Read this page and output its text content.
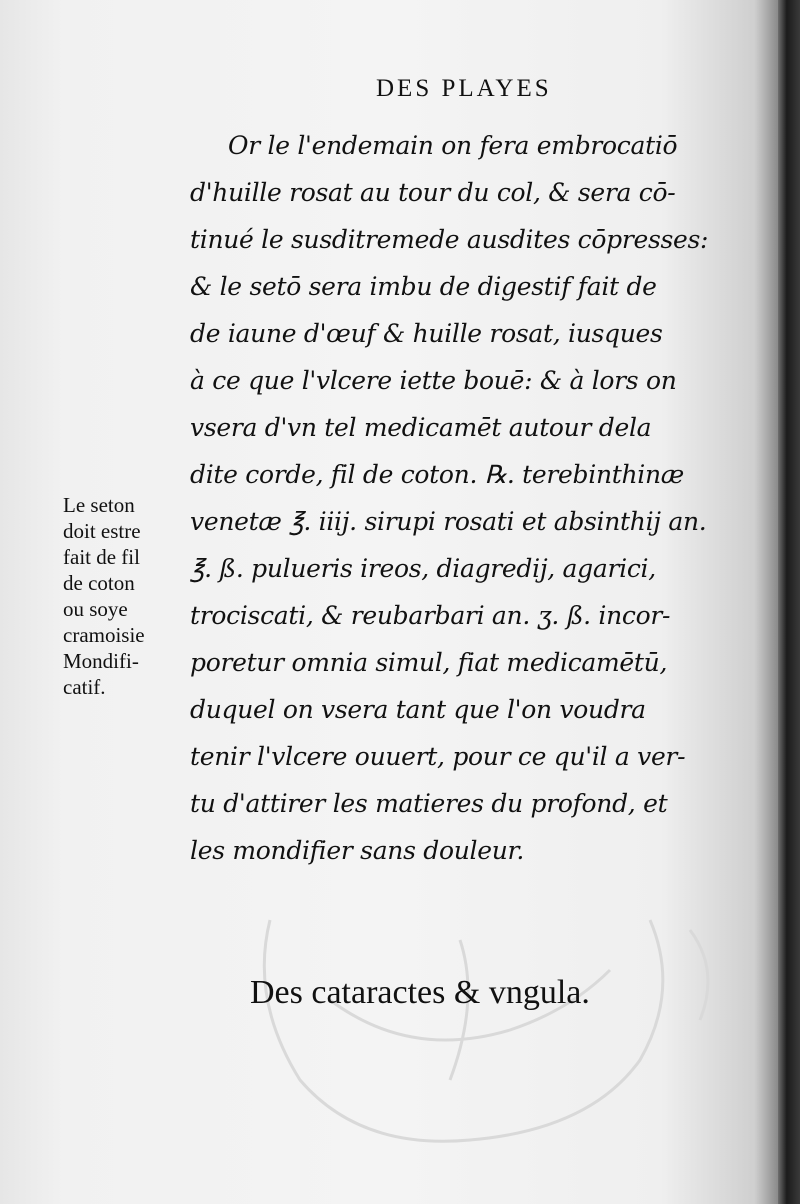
DES PLAYES
Or le l'endemain on fera embrocatiō
d'huille rosat au tour du col, & sera cō-
tinué le susditremede ausdites cōpresses:
& le setō sera imbu de digestif fait de
de iaune d'œuf & huille rosat, iusques
à ce que l'vlcere iette bouē: & à lors on
vsera d'vn tel medicamēt autour dela
dite corde, fil de coton. ℞. terebinthinæ
venetæ ℥. iiij. sirupi rosati et absinthij an.
℥. ß. pulueris ireos, diagredij, agarici,
trociscati, & reubarbari an. ʒ. ß. incor-
poretur omnia simul, fiat medicamētū,
duquel on vsera tant que l'on voudra
tenir l'vlcere ouuert, pour ce qu'il a ver-
tu d'attirer les matieres du profond, et
les mondifier sans douleur.
Le seton
doit estre
fait de fil
de coton
ou soye
cramoisie
Mondifi-
catif.
Des cataractes & vngula.
